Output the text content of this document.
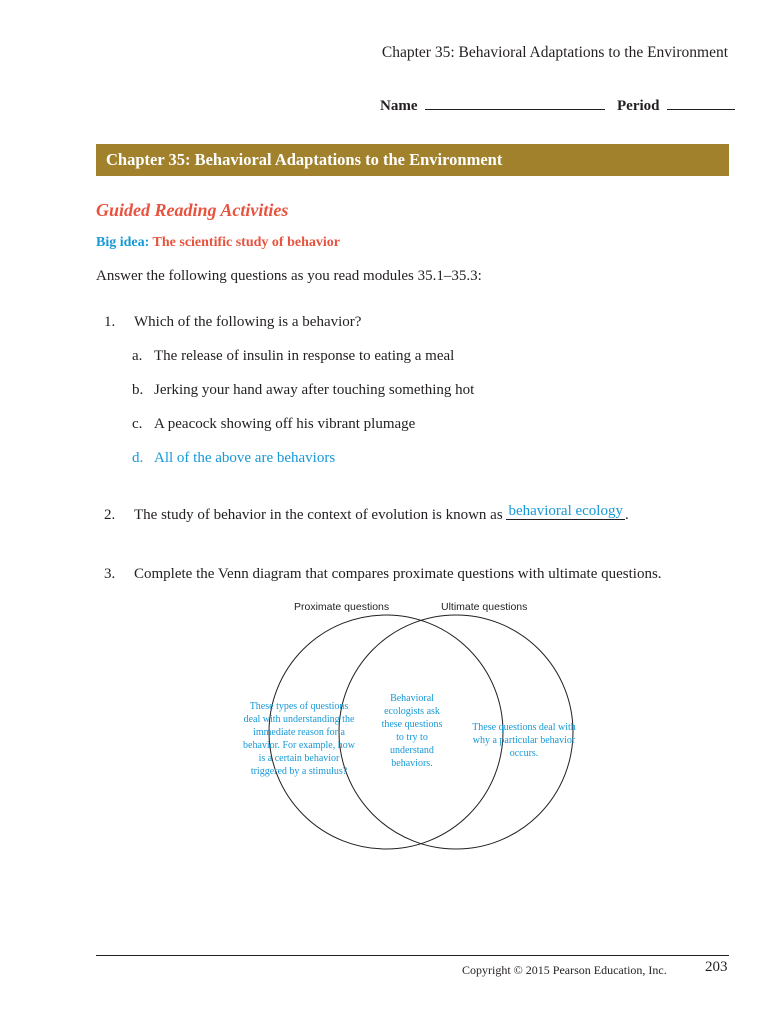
Chapter 35: Behavioral Adaptations to the Environment
Name	Period
Chapter 35: Behavioral Adaptations to the Environment
Guided Reading Activities
Big idea: The scientific study of behavior
Answer the following questions as you read modules 35.1–35.3:
1. Which of the following is a behavior?
a. The release of insulin in response to eating a meal
b. Jerking your hand away after touching something hot
c. A peacock showing off his vibrant plumage
d. All of the above are behaviors
2. The study of behavior in the context of evolution is known as behavioral ecology .
3. Complete the Venn diagram that compares proximate questions with ultimate questions.
Proximate questions	Ultimate questions
These types of questions deal with understanding the immediate reason for a behavior. For example, how is a certain behavior triggered by a stimulus?
Behavioral ecologists ask these questions to try to understand behaviors.
These questions deal with why a particular behavior occurs.
Copyright © 2015 Pearson Education, Inc.	203
